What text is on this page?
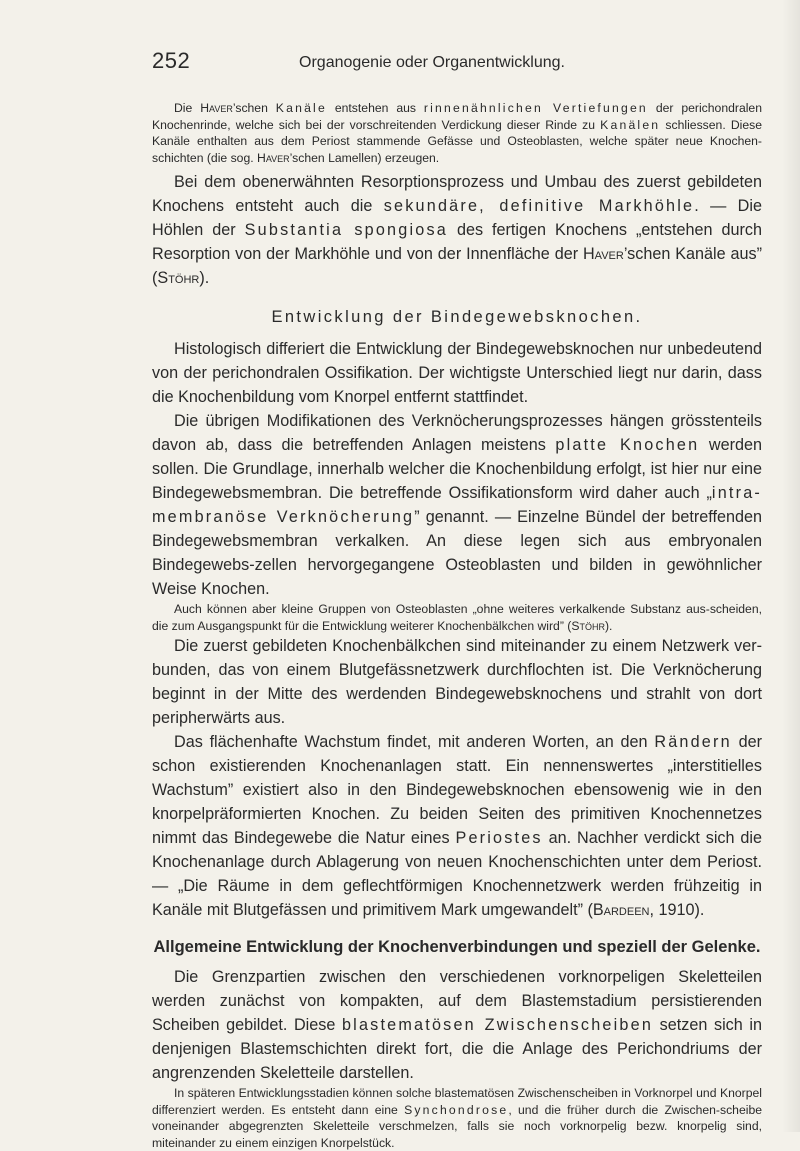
252	Organogenie oder Organentwicklung.

Die Haver’schen Kanäle entstehen aus rinnenähnlichen Vertiefungen der perichondralen Knochenrinde, welche sich bei der vorschreitenden Verdickung dieser Rinde zu Kanälen schliessen. Diese Kanäle enthalten aus dem Periost stammende Gefässe und Osteoblasten, welche später neue Knochen-schichten (die sog. Haver’schen Lamellen) erzeugen.

Bei dem obenerwähnten Resorptionsprozess und Umbau des zuerst gebildeten Knochens entsteht auch die sekundäre, definitive Markhöhle. — Die Höhlen der Substantia spongiosa des fertigen Knochens „entstehen durch Resorption von der Markhöhle und von der Innenfläche der Haver’schen Kanäle aus” (Stöhr).

Entwicklung der Bindegewebsknochen.

Histologisch differiert die Entwicklung der Bindegewebsknochen nur unbedeutend von der perichondralen Ossifikation. Der wichtigste Unterschied liegt nur darin, dass die Knochenbildung vom Knorpel entfernt stattfindet.

Die übrigen Modifikationen des Verknöcherungsprozesses hängen grösstenteils davon ab, dass die betreffenden Anlagen meistens platte Knochen werden sollen. Die Grundlage, innerhalb welcher die Knochenbildung erfolgt, ist hier nur eine Bindegewebsmembran. Die betreffende Ossifikationsform wird daher auch „intra-membranöse Verknöcherung” genannt. — Einzelne Bündel der betreffenden Bindegewebsmembran verkalken. An diese legen sich aus embryonalen Bindegewebs-zellen hervorgegangene Osteoblasten und bilden in gewöhnlicher Weise Knochen.

Auch können aber kleine Gruppen von Osteoblasten „ohne weiteres verkalkende Substanz aus-scheiden, die zum Ausgangspunkt für die Entwicklung weiterer Knochenbälkchen wird” (Stöhr).

Die zuerst gebildeten Knochenbälkchen sind miteinander zu einem Netzwerk ver-bunden, das von einem Blutgefässnetzwerk durchflochten ist. Die Verknöcherung beginnt in der Mitte des werdenden Bindegewebsknochens und strahlt von dort peripherwärts aus.

Das flächenhafte Wachstum findet, mit anderen Worten, an den Rändern der schon existierenden Knochenanlagen statt. Ein nennenswertes „interstitielles Wachstum” existiert also in den Bindegewebsknochen ebensowenig wie in den knorpelpräformierten Knochen. Zu beiden Seiten des primitiven Knochennetzes nimmt das Bindegewebe die Natur eines Periostes an. Nachher verdickt sich die Knochenanlage durch Ablagerung von neuen Knochenschichten unter dem Periost. — „Die Räume in dem geflechtförmigen Knochennetzwerk werden frühzeitig in Kanäle mit Blutgefässen und primitivem Mark umgewandelt” (Bardeen, 1910).

Allgemeine Entwicklung der Knochenverbindungen und speziell der Gelenke.

Die Grenzpartien zwischen den verschiedenen vorknorpeligen Skeletteilen werden zunächst von kompakten, auf dem Blastemstadium persistierenden Scheiben gebildet. Diese blastematösen Zwischenscheiben setzen sich in denjenigen Blastemschichten direkt fort, die die Anlage des Perichondriums der angrenzenden Skeletteile darstellen.

In späteren Entwicklungsstadien können solche blastematösen Zwischenscheiben in Vorknorpel und Knorpel differenziert werden. Es entsteht dann eine Synchondrose, und die früher durch die Zwischen-scheibe voneinander abgegrenzten Skeletteile verschmelzen, falls sie noch vorknorpelig bezw. knorpelig sind, miteinander zu einem einzigen Knorpelstück.
